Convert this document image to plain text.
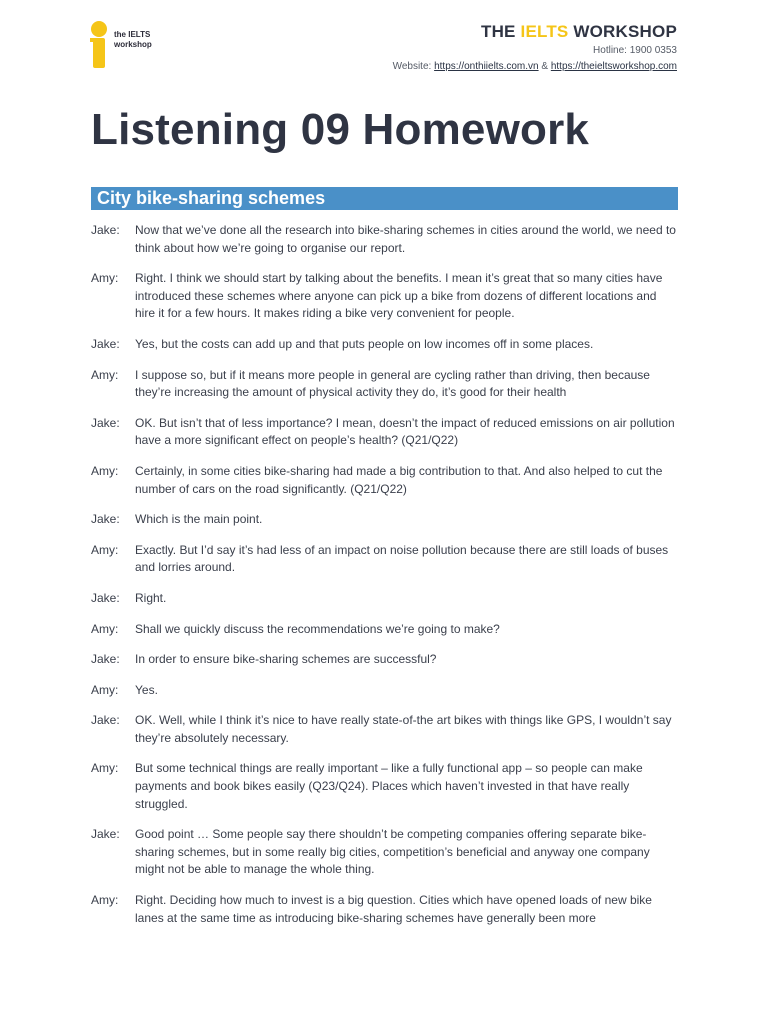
the IELTS
workshop
THE IELTS WORKSHOP
Hotline: 1900 0353
Website: https://onthiielts.com.vn & https://theieltsworkshop.com
Listening 09 Homework
City bike-sharing schemes
Jake:	Now that we’ve done all the research into bike-sharing schemes in cities around the world, we need to think about how we’re going to organise our report.
Amy:	Right. I think we should start by talking about the benefits. I mean it’s great that so many cities have introduced these schemes where anyone can pick up a bike from dozens of different locations and hire it for a few hours. It makes riding a bike very convenient for people.
Jake:	Yes, but the costs can add up and that puts people on low incomes off in some places.
Amy:	I suppose so, but if it means more people in general are cycling rather than driving, then because they’re increasing the amount of physical activity they do, it’s good for their health
Jake:	OK. But isn’t that of less importance? I mean, doesn’t the impact of reduced emissions on air pollution have a more significant effect on people’s health? (Q21/Q22)
Amy:	Certainly, in some cities bike-sharing had made a big contribution to that. And also helped to cut the number of cars on the road significantly. (Q21/Q22)
Jake:	Which is the main point.
Amy:	Exactly. But I’d say it’s had less of an impact on noise pollution because there are still loads of buses and lorries around.
Jake:	Right.
Amy:	Shall we quickly discuss the recommendations we’re going to make?
Jake:	In order to ensure bike-sharing schemes are successful?
Amy:	Yes.
Jake:	OK. Well, while I think it’s nice to have really state-of-the art bikes with things like GPS, I wouldn’t say they’re absolutely necessary.
Amy:	But some technical things are really important – like a fully functional app – so people can make payments and book bikes easily (Q23/Q24). Places which haven’t invested in that have really struggled.
Jake:	Good point … Some people say there shouldn’t be competing companies offering separate bike-sharing schemes, but in some really big cities, competition’s beneficial and anyway one company might not be able to manage the whole thing.
Amy:	Right. Deciding how much to invest is a big question. Cities which have opened loads of new bike lanes at the same time as introducing bike-sharing schemes have generally been more
